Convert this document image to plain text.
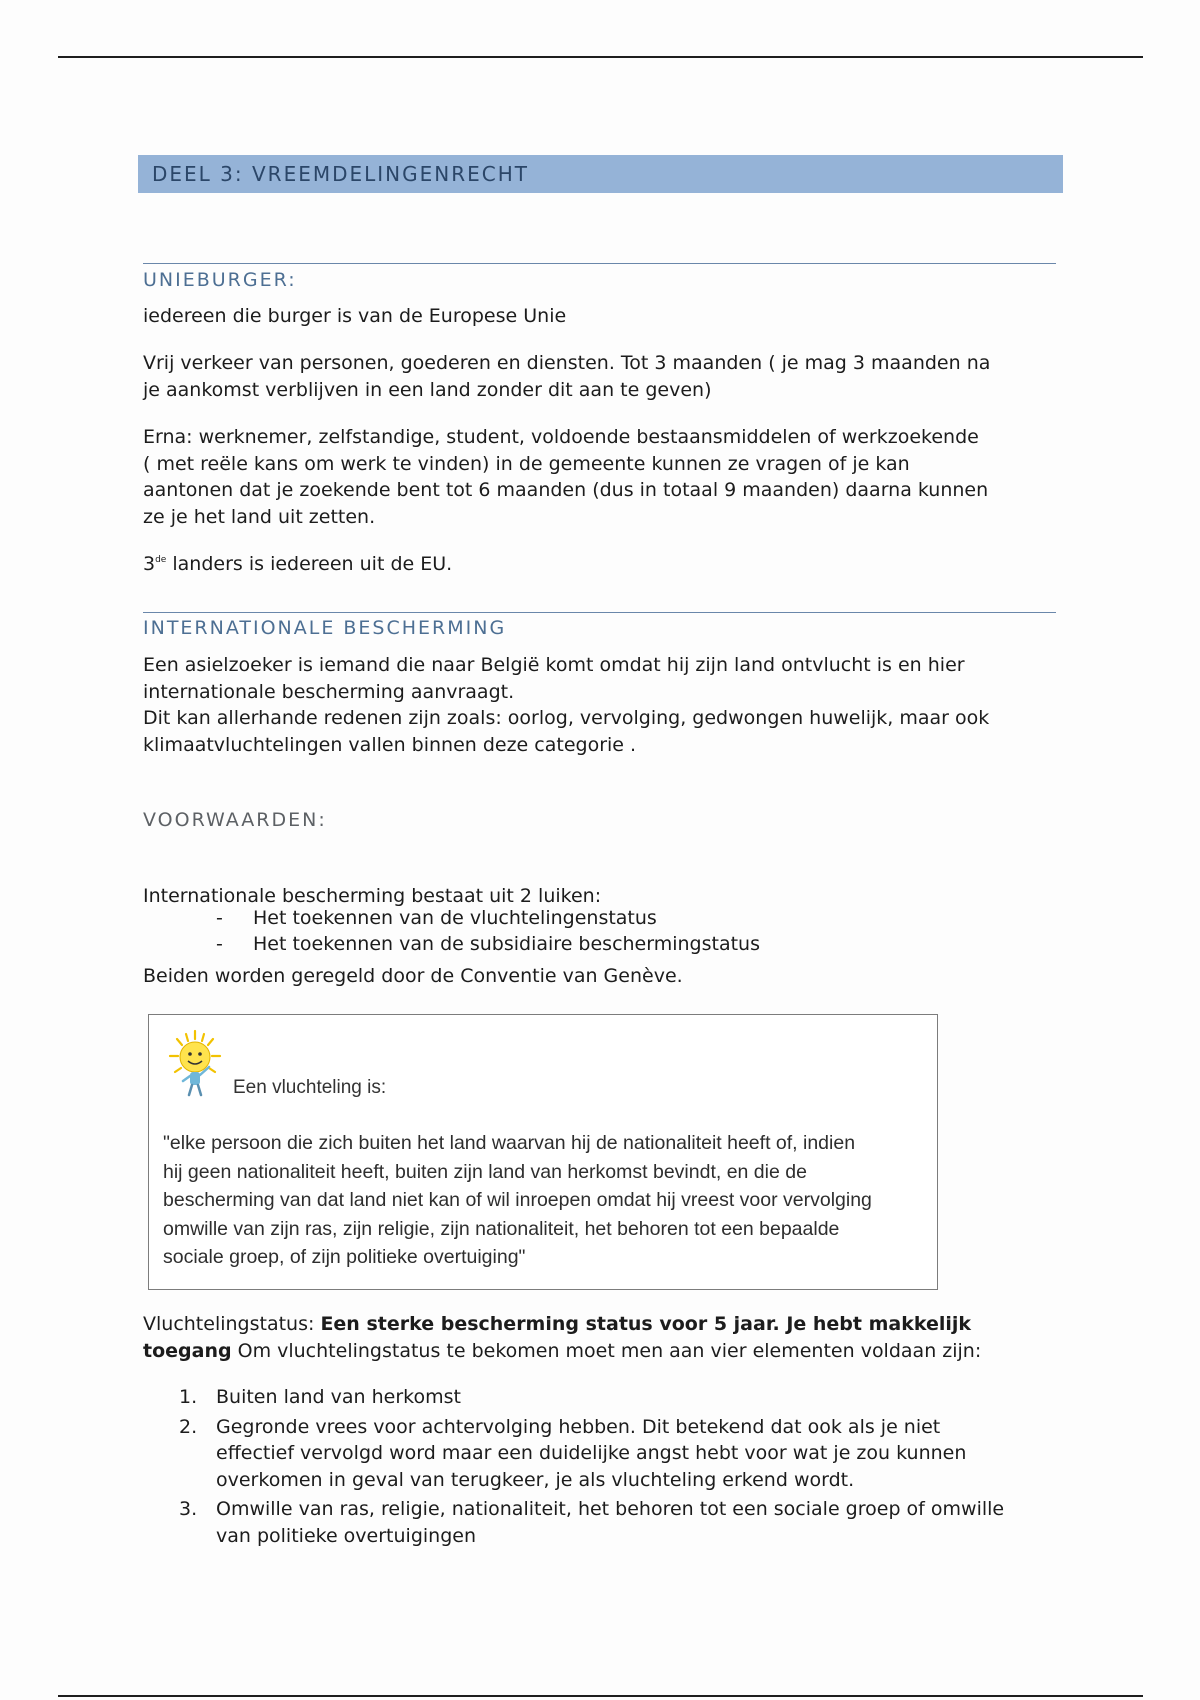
DEEL 3: VREEMDELINGENRECHT
UNIEBURGER:

iedereen die burger is van de Europese Unie

Vrij verkeer van personen, goederen en diensten. Tot 3 maanden ( je mag 3 maanden na
je aankomst verblijven in een land zonder dit aan te geven)

Erna: werknemer, zelfstandige, student, voldoende bestaansmiddelen of werkzoekende
( met reële kans om werk te vinden) in de gemeente kunnen ze vragen of je kan
aantonen dat je zoekende bent tot 6 maanden (dus in totaal 9 maanden) daarna kunnen
ze je het land uit zetten.

3de landers is iedereen uit de EU.

INTERNATIONALE BESCHERMING

Een asielzoeker is iemand die naar België komt omdat hij zijn land ontvlucht is en hier
internationale bescherming aanvraagt.
Dit kan allerhande redenen zijn zoals: oorlog, vervolging, gedwongen huwelijk, maar ook
klimaatvluchtelingen vallen binnen deze categorie .

VOORWAARDEN:

Internationale bescherming bestaat uit 2 luiken:

- Het toekennen van de vluchtelingenstatus
- Het toekennen van de subsidiaire beschermingstatus

Beiden worden geregeld door de Conventie van Genève.

Een vluchteling is:
"elke persoon die zich buiten het land waarvan hij de nationaliteit heeft of, indien
hij geen nationaliteit heeft, buiten zijn land van herkomst bevindt, en die de
bescherming van dat land niet kan of wil inroepen omdat hij vreest voor vervolging
omwille van zijn ras, zijn religie, zijn nationaliteit, het behoren tot een bepaalde
sociale groep, of zijn politieke overtuiging"

Vluchtelingstatus: Een sterke bescherming status voor 5 jaar. Je hebt makkelijk
toegang Om vluchtelingstatus te bekomen moet men aan vier elementen voldaan zijn:

1. Buiten land van herkomst
2. Gegronde vrees voor achtervolging hebben. Dit betekend dat ook als je niet
effectief vervolgd word maar een duidelijke angst hebt voor wat je zou kunnen
overkomen in geval van terugkeer, je als vluchteling erkend wordt.
3. Omwille van ras, religie, nationaliteit, het behoren tot een sociale groep of omwille
van politieke overtuigingen
